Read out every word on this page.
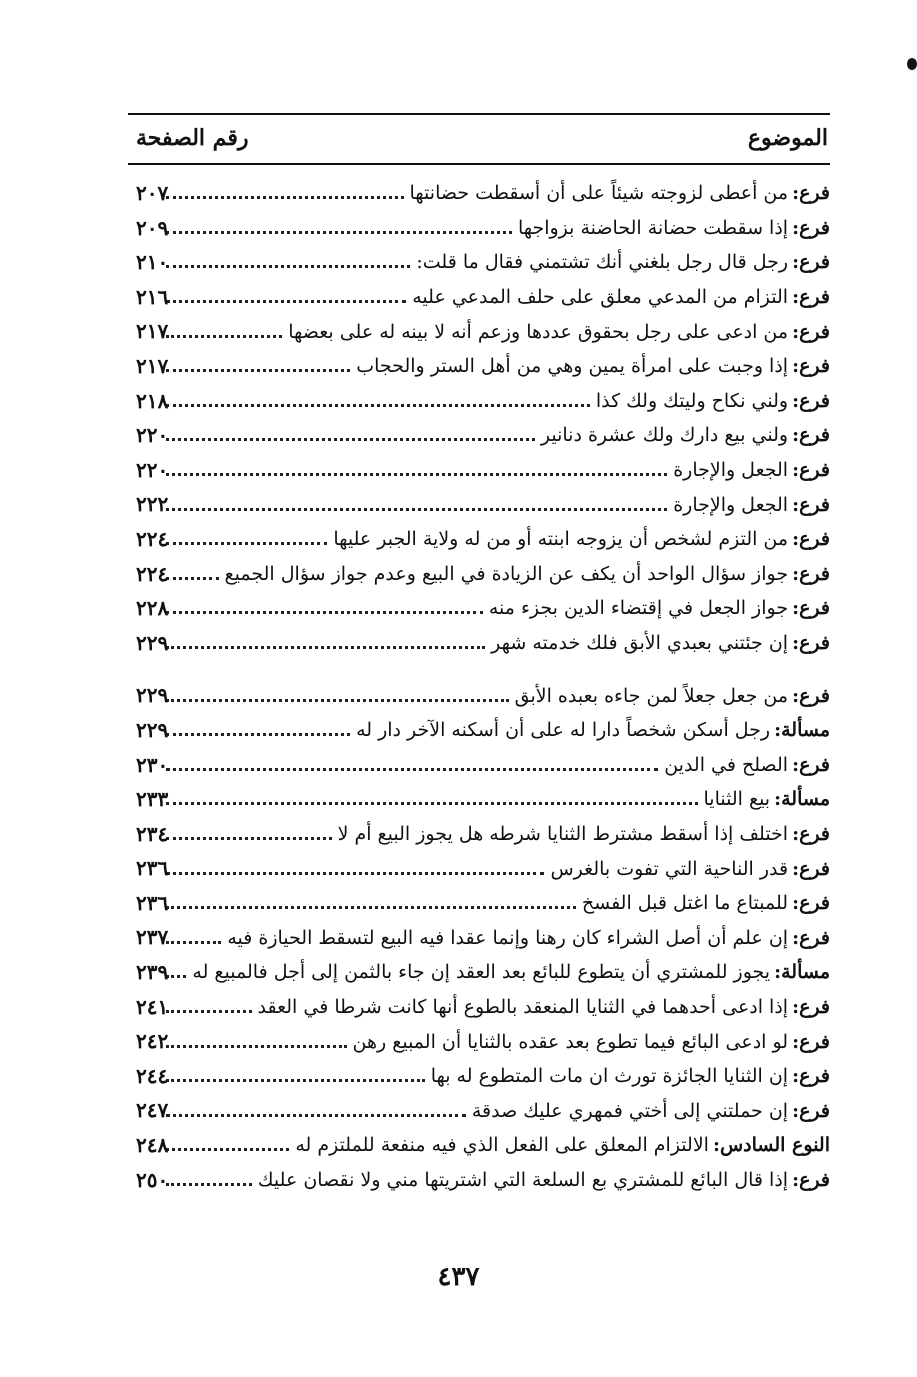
الموضوع
رقم الصفحة
فرع:
من أعطى لزوجته شيئاً على أن أسقطت حضانتها
٢٠٧
فرع:
إذا سقطت حضانة الحاضنة بزواجها
٢٠٩
فرع:
رجل قال رجل بلغني أنك تشتمني فقال ما قلت:
٢١٠
فرع:
التزام من المدعي معلق على حلف المدعي عليه
٢١٦
فرع:
من ادعى على رجل بحقوق عددها وزعم أنه لا بينه له على بعضها
٢١٧
فرع:
إذا وجبت على امرأة يمين وهي من أهل الستر والحجاب
٢١٧
فرع:
ولني نكاح وليتك ولك كذا
٢١٨
فرع:
ولني بيع دارك ولك عشرة دنانير
٢٢٠
فرع:
الجعل والإجارة
٢٢٠
فرع:
الجعل والإجارة
٢٢٢
فرع:
من التزم لشخص أن يزوجه ابنته أو من له ولاية الجبر عليها
٢٢٤
فرع:
جواز سؤال الواحد أن يكف عن الزيادة في البيع وعدم جواز سؤال الجميع
٢٢٤
فرع:
جواز الجعل في إقتضاء الدين بجزء منه
٢٢٨
فرع:
إن جئتني بعبدي الأبق فلك خدمته شهر
٢٢٩
فرع:
من جعل جعلاً لمن جاءه بعبده الأبق
٢٢٩
مسألة:
رجل أسكن شخصاً دارا له على أن أسكنه الآخر دار له
٢٢٩
فرع:
الصلح في الدين
٢٣٠
مسألة:
بيع الثنايا
٢٣٣
فرع:
اختلف إذا أسقط مشترط الثنايا شرطه هل يجوز البيع أم لا
٢٣٤
فرع:
قدر الناحية التي تفوت بالغرس
٢٣٦
فرع:
للمبتاع ما اغتل قبل الفسخ
٢٣٦
فرع:
إن علم أن أصل الشراء كان رهنا وإنما عقدا فيه البيع لتسقط الحيازة فيه
٢٣٧
مسألة:
يجوز للمشتري أن يتطوع للبائع بعد العقد إن جاء بالثمن إلى أجل فالمبيع له
٢٣٩
فرع:
إذا ادعى أحدهما في الثنايا المنعقد بالطوع أنها كانت شرطا في العقد
٢٤١
فرع:
لو ادعى البائع فيما تطوع بعد عقده بالثنايا أن المبيع رهن
٢٤٢
فرع:
إن الثنايا الجائزة تورث ان مات المتطوع له بها
٢٤٤
فرع:
إن حملتني إلى أختي فمهري عليك صدقة
٢٤٧
النوع السادس:
الالتزام المعلق على الفعل الذي فيه منفعة للملتزم له
٢٤٨
فرع:
إذا قال البائع للمشتري بع السلعة التي اشتريتها مني ولا نقصان عليك
٢٥٠
٤٣٧
